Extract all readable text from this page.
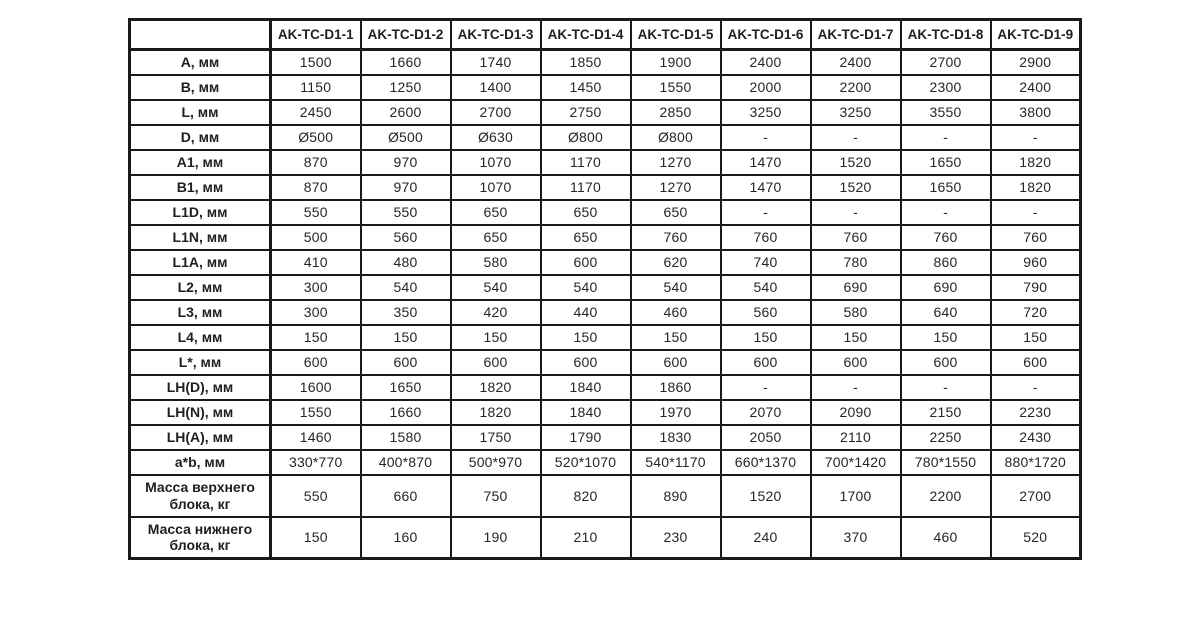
	AK-TC-D1-1	AK-TC-D1-2	AK-TC-D1-3	AK-TC-D1-4	AK-TC-D1-5	AK-TC-D1-6	AK-TC-D1-7	AK-TC-D1-8	AK-TC-D1-9
А, мм	1500	1660	1740	1850	1900	2400	2400	2700	2900
В, мм	1150	1250	1400	1450	1550	2000	2200	2300	2400
L, мм	2450	2600	2700	2750	2850	3250	3250	3550	3800
D, мм	Ø500	Ø500	Ø630	Ø800	Ø800	-	-	-	-
А1, мм	870	970	1070	1170	1270	1470	1520	1650	1820
В1, мм	870	970	1070	1170	1270	1470	1520	1650	1820
L1D, мм	550	550	650	650	650	-	-	-	-
L1N, мм	500	560	650	650	760	760	760	760	760
L1А, мм	410	480	580	600	620	740	780	860	960
L2, мм	300	540	540	540	540	540	690	690	790
L3, мм	300	350	420	440	460	560	580	640	720
L4, мм	150	150	150	150	150	150	150	150	150
L*, мм	600	600	600	600	600	600	600	600	600
LH(D), мм	1600	1650	1820	1840	1860	-	-	-	-
LH(N), мм	1550	1660	1820	1840	1970	2070	2090	2150	2230
LH(А), мм	1460	1580	1750	1790	1830	2050	2110	2250	2430
a*b, мм	330*770	400*870	500*970	520*1070	540*1170	660*1370	700*1420	780*1550	880*1720
Масса верхнего блока, кг	550	660	750	820	890	1520	1700	2200	2700
Масса нижнего блока, кг	150	160	190	210	230	240	370	460	520
